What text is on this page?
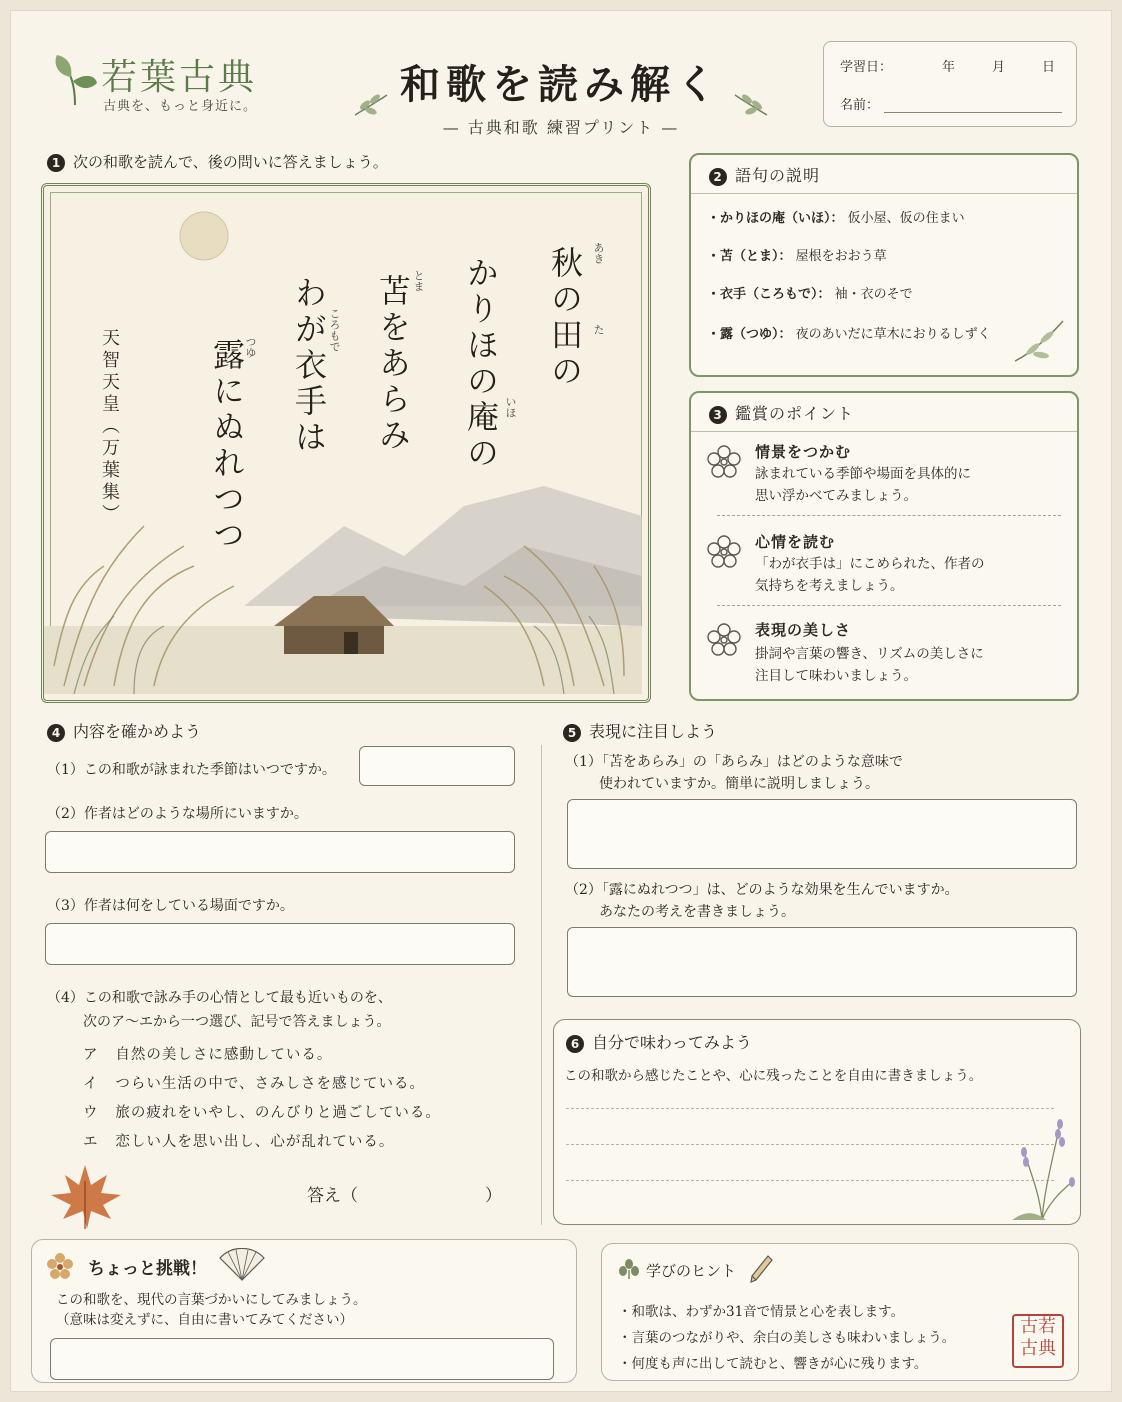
若葉古典
古典を、もっと身近に。	和歌を読み解く
— 古典和歌 練習プリント —
学習日：	年	月	日
名前：
1 次の和歌を読んで、後の問いに答えましょう。
秋の田の あき
た
かりほの庵の いほ
苫をあらみ とま
わが衣手は ころもで
露にぬれつつ
つゆ
天智天皇（万葉集）
2 語句の説明
・かりほの庵（いほ）： 仮小屋、仮の住まい
・苫（とま）： 屋根をおおう草
・衣手（ころもで）： 袖・衣のそで
・露（つゆ）： 夜のあいだに草木におりるしずく
3 鑑賞のポイント
情景をつかむ
詠まれている季節や場面を具体的に
思い浮かべてみましょう。
心情を読む
「わが衣手は」にこめられた、作者の
気持ちを考えましょう。
表現の美しさ
掛詞や言葉の響き、リズムの美しさに
注目して味わいましょう。
4 内容を確かめよう
（1）この和歌が詠まれた季節はいつですか。
（2）作者はどのような場所にいますか。
（3）作者は何をしている場面ですか。
（4）この和歌で詠み手の心情として最も近いものを、
次のア～エから一つ選び、記号で答えましょう。
ア 自然の美しさに感動している。
イ つらい生活の中で、さみしさを感じている。
ウ 旅の疲れをいやし、のんびりと過ごしている。
エ 恋しい人を思い出し、心が乱れている。
答え（	）
5 表現に注目しよう
（1）「苫をあらみ」の「あらみ」はどのような意味で
使われていますか。簡単に説明しましょう。
（2）「露にぬれつつ」は、どのような効果を生んでいますか。
あなたの考えを書きましょう。
6 自分で味わってみよう
この和歌から感じたことや、心に残ったことを自由に書きましょう。
ちょっと挑戦！
この和歌を、現代の言葉づかいにしてみましょう。
（意味は変えずに、自由に書いてみてください）
学びのヒント
・和歌は、わずか31音で情景と心を表します。
・言葉のつながりや、余白の美しさも味わいましょう。
・何度も声に出して読むと、響きが心に残ります。
古若
古典
